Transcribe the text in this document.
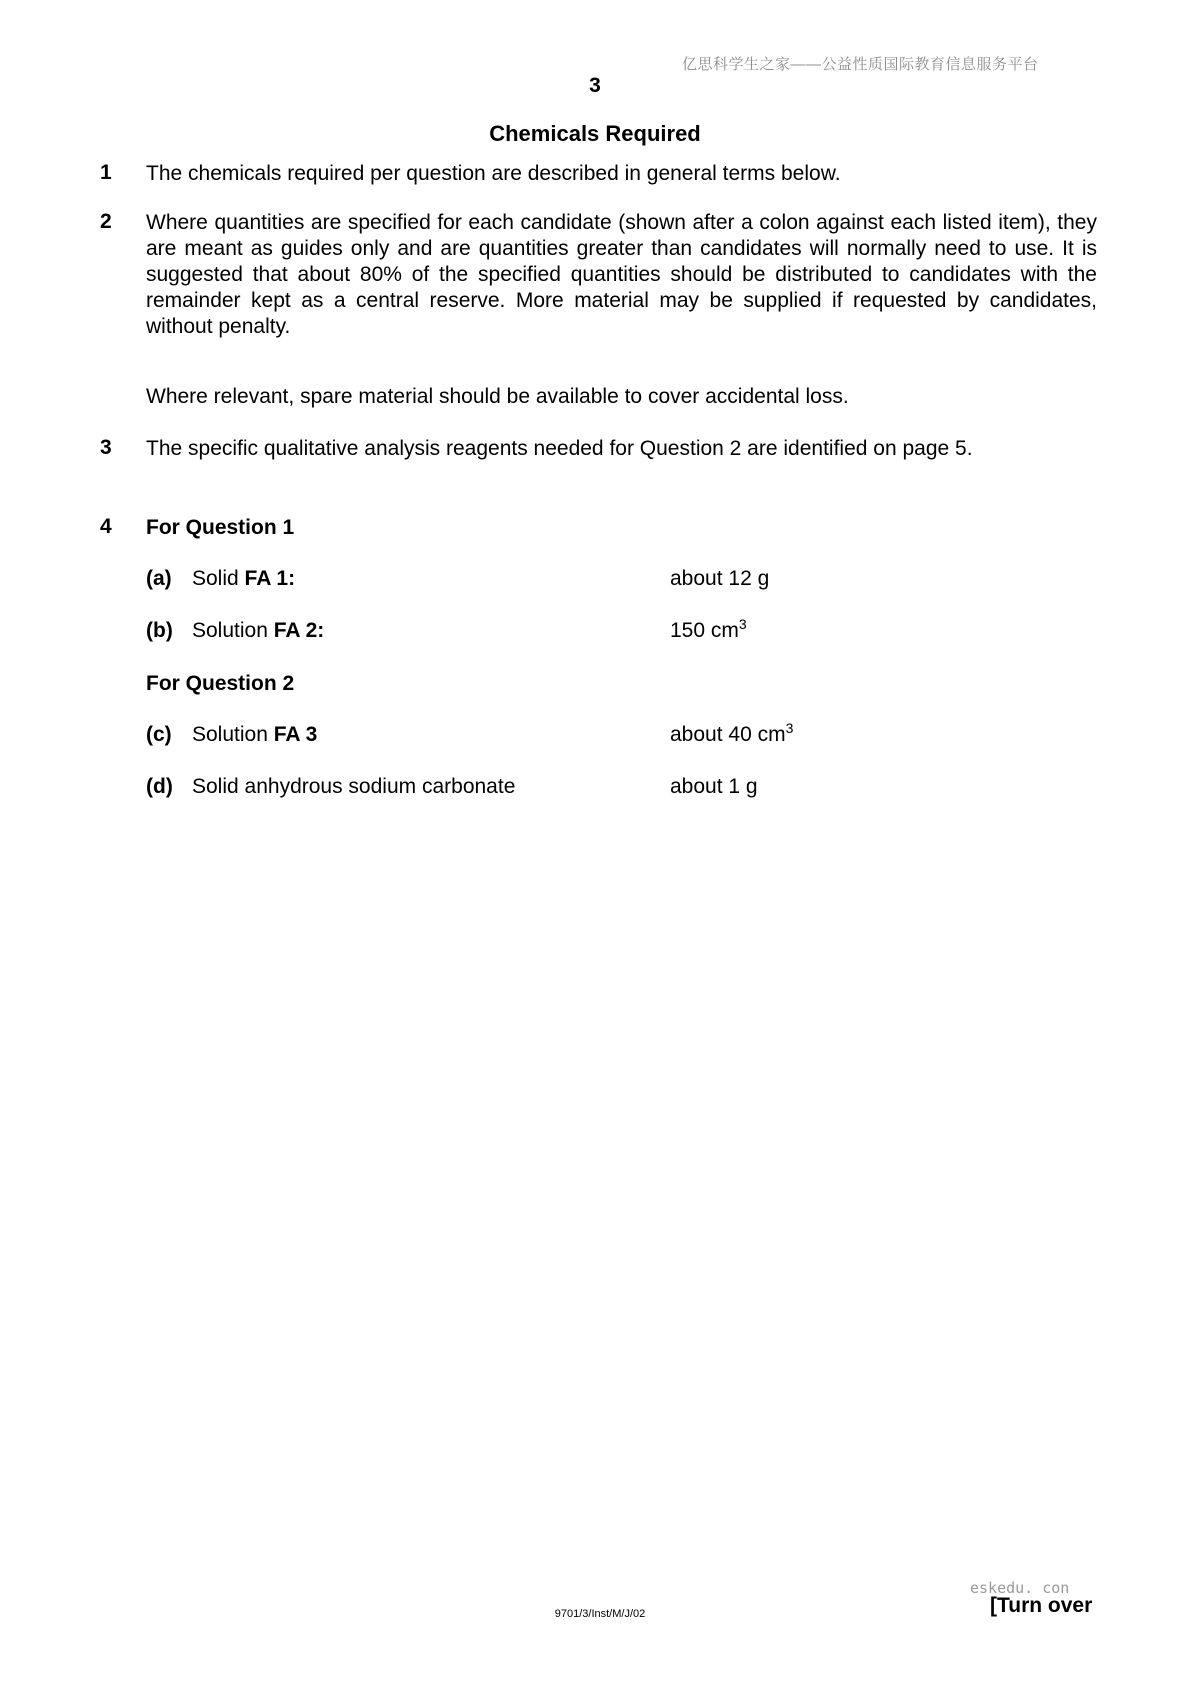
亿思科学生之家——公益性质国际教育信息服务平台
3
Chemicals Required
1 The chemicals required per question are described in general terms below.
2 Where quantities are specified for each candidate (shown after a colon against each listed item), they are meant as guides only and are quantities greater than candidates will normally need to use. It is suggested that about 80% of the specified quantities should be distributed to candidates with the remainder kept as a central reserve. More material may be supplied if requested by candidates, without penalty.
Where relevant, spare material should be available to cover accidental loss.
3 The specific qualitative analysis reagents needed for Question 2 are identified on page 5.
4 For Question 1
(a) Solid FA 1:	about 12 g
(b) Solution FA 2:	150 $cm^3$
For Question 2
(c) Solution FA 3	about 40 $cm^3$
(d) Solid anhydrous sodium carbonate	about 1 g
eskedu. con
9701/3/Inst/M/J/02	[Turn over
